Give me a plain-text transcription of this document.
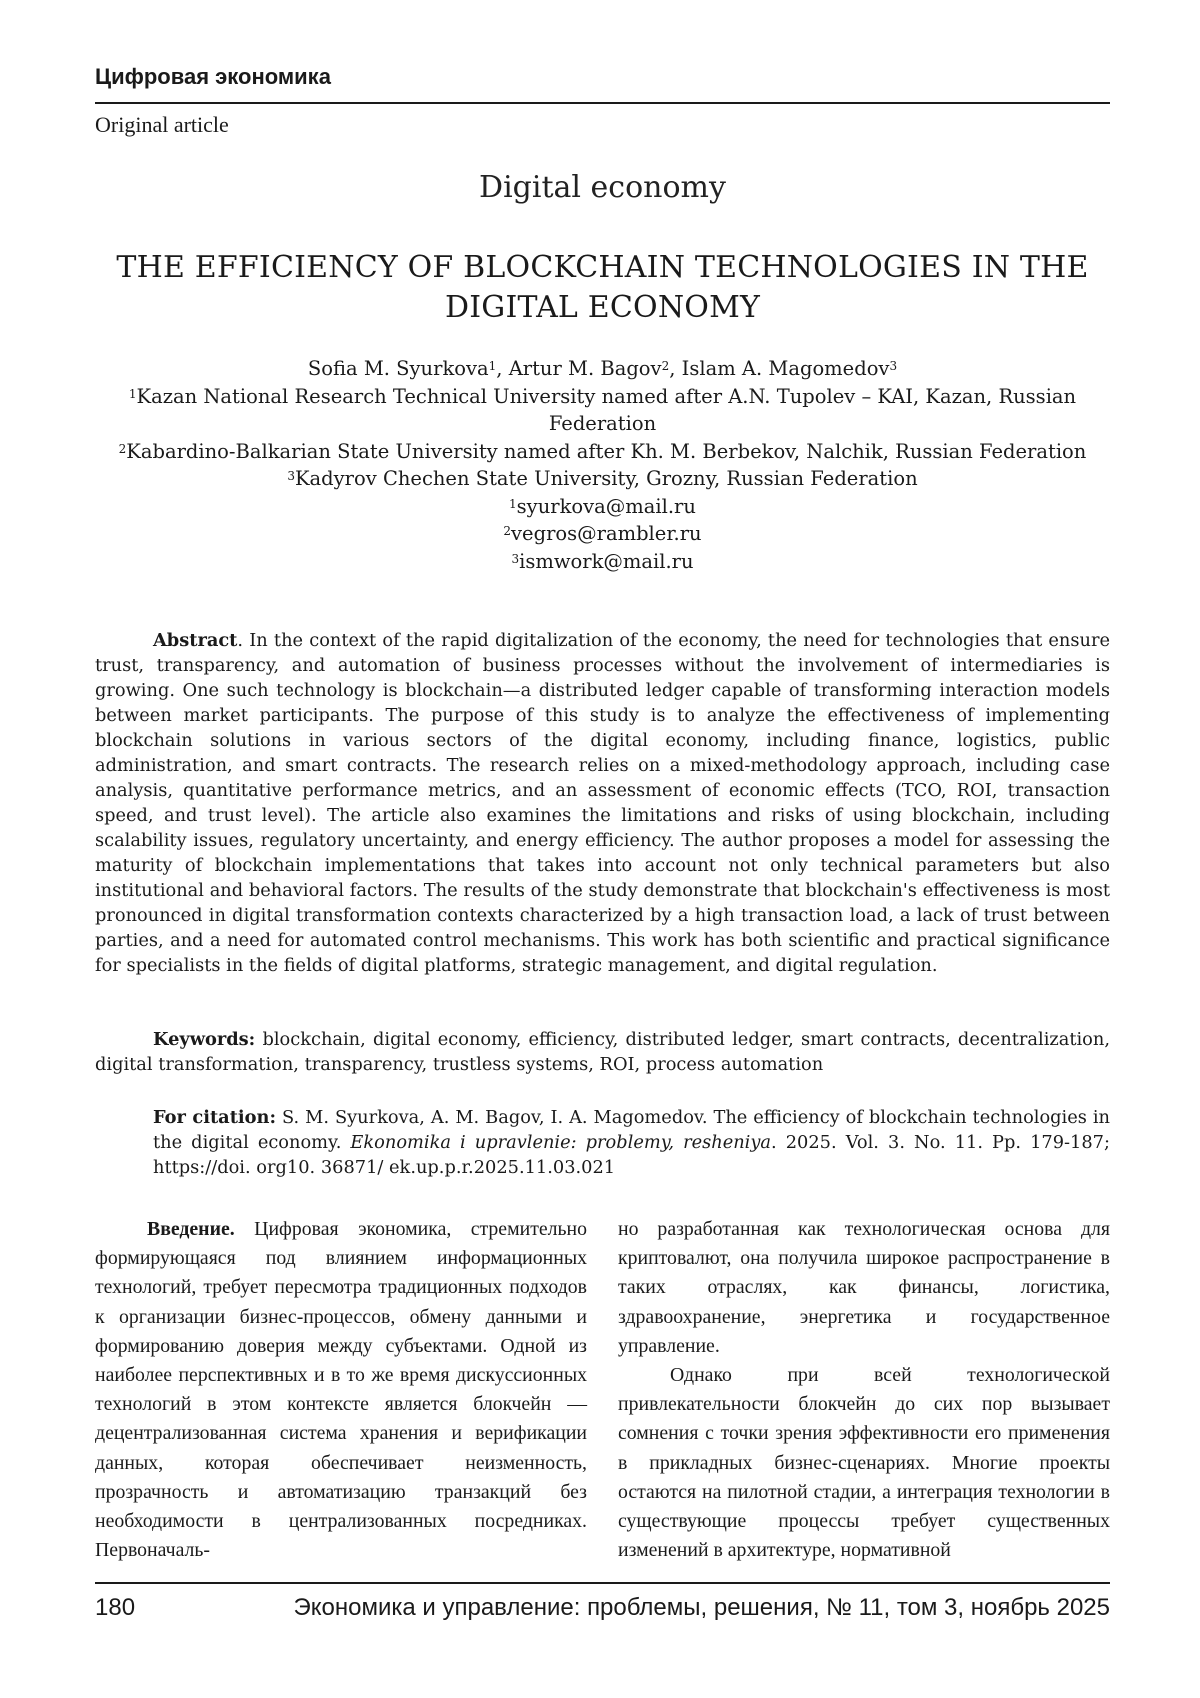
Цифровая экономика
Original article
Digital economy
THE EFFICIENCY OF BLOCKCHAIN TECHNOLOGIES IN THE DIGITAL ECONOMY
Sofia M. Syurkova$^1$, Artur M. Bagov$^2$, Islam A. Magomedov$^3$
$^1$Kazan National Research Technical University named after A.N. Tupolev – KAI, Kazan, Russian Federation
$^2$Kabardino-Balkarian State University named after Kh. M. Berbekov, Nalchik, Russian Federation
$^3$Kadyrov Chechen State University, Grozny, Russian Federation
$^1$syurkova@mail.ru
$^2$vegros@rambler.ru
$^3$ismwork@mail.ru
Abstract. In the context of the rapid digitalization of the economy, the need for technologies that ensure trust, transparency, and automation of business processes without the involvement of intermediaries is growing. One such technology is blockchain—a distributed ledger capable of transforming interaction models between market participants. The purpose of this study is to analyze the effectiveness of implementing blockchain solutions in various sectors of the digital economy, including finance, logistics, public administration, and smart contracts. The research relies on a mixed-methodology approach, including case analysis, quantitative performance metrics, and an assessment of economic effects (TCO, ROI, transaction speed, and trust level). The article also examines the limitations and risks of using blockchain, including scalability issues, regulatory uncertainty, and energy efficiency. The author proposes a model for assessing the maturity of blockchain implementations that takes into account not only technical parameters but also institutional and behavioral factors. The results of the study demonstrate that blockchain's effectiveness is most pronounced in digital transformation contexts characterized by a high transaction load, a lack of trust between parties, and a need for automated control mechanisms. This work has both scientific and practical significance for specialists in the fields of digital platforms, strategic management, and digital regulation.
Keywords: blockchain, digital economy, efficiency, distributed ledger, smart contracts, decentralization, digital transformation, transparency, trustless systems, ROI, process automation
For citation: S. M. Syurkova, A. M. Bagov, I. A. Magomedov. The efficiency of blockchain technologies in the digital economy. Ekonomika i upravlenie: problemy, resheniya. 2025. Vol. 3. No. 11. Pp. 179-187; https://doi. org10. 36871/ ek.up.p.r.2025.11.03.021

Введение. Цифровая экономика, стремительно формирующаяся под влиянием информационных технологий, требует пересмотра традиционных подходов к организации бизнес-процессов, обмену данными и формированию доверия между субъектами. Одной из наиболее перспективных и в то же время дискуссионных технологий в этом контексте является блокчейн — децентрализованная система хранения и верификации данных, которая обеспечивает неизменность, прозрачность и автоматизацию транзакций без необходимости в централизованных посредниках. Первоначаль-

но разработанная как технологическая основа для криптовалют, она получила широкое распространение в таких отраслях, как финансы, логистика, здравоохранение, энергетика и государственное управление.

Однако при всей технологической привлекательности блокчейн до сих пор вызывает сомнения с точки зрения эффективности его применения в прикладных бизнес-сценариях. Многие проекты остаются на пилотной стадии, а интеграция технологии в существующие процессы требует существенных изменений в архитектуре, нормативной

180	Экономика и управление: проблемы, решения, № 11, том 3, ноябрь 2025
